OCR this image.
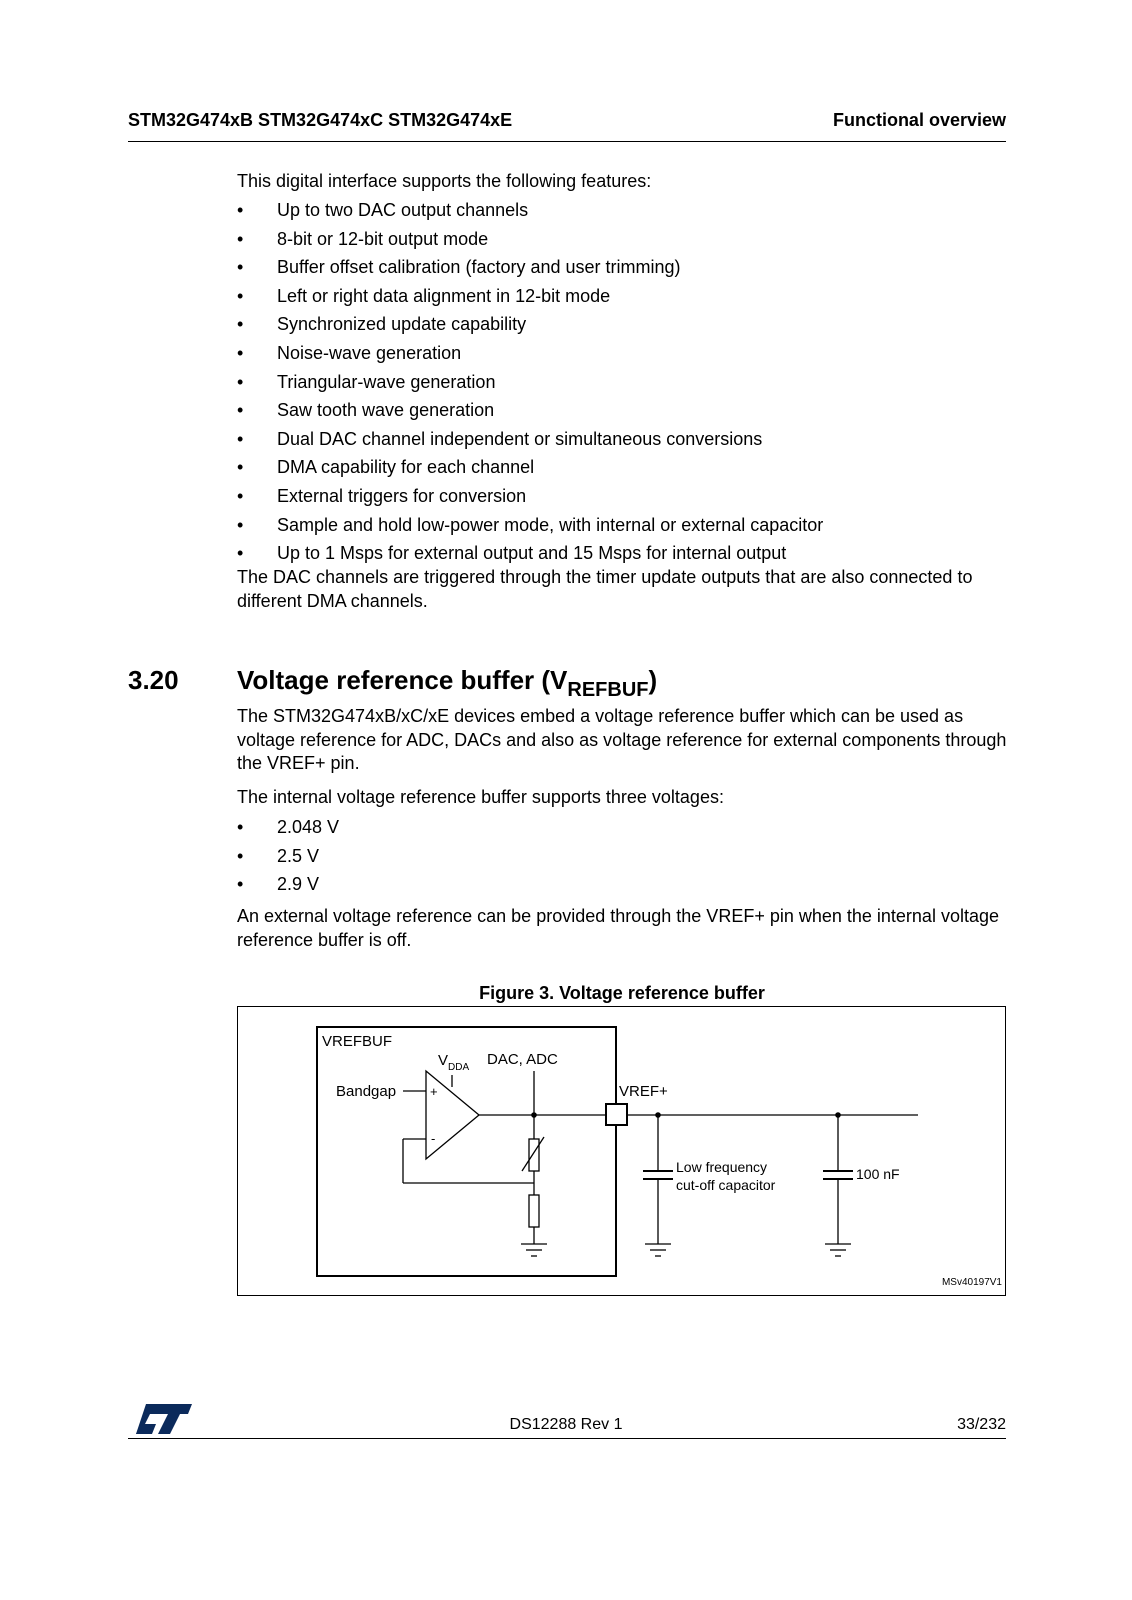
STM32G474xB STM32G474xC STM32G474xE	Functional overview

This digital interface supports the following features:

• Up to two DAC output channels
• 8-bit or 12-bit output mode
• Buffer offset calibration (factory and user trimming)
• Left or right data alignment in 12-bit mode
• Synchronized update capability
• Noise-wave generation
• Triangular-wave generation
• Saw tooth wave generation
• Dual DAC channel independent or simultaneous conversions
• DMA capability for each channel
• External triggers for conversion
• Sample and hold low-power mode, with internal or external capacitor
• Up to 1 Msps for external output and 15 Msps for internal output

The DAC channels are triggered through the timer update outputs that are also connected to different DMA channels.

3.20 Voltage reference buffer $(V_{REFBUF})$

The STM32G474xB/xC/xE devices embed a voltage reference buffer which can be used as voltage reference for ADC, DACs and also as voltage reference for external components through the VREF+ pin.

The internal voltage reference buffer supports three voltages:

• 2.048 V
• 2.5 V
• 2.9 V

An external voltage reference can be provided through the VREF+ pin when the internal voltage reference buffer is off.

Figure 3. Voltage reference buffer
VREFBUF
$V_{DDA}$ DAC, ADC
Bandgap	+
-
VREF+
Low frequency
cut-off capacitor
100 nF
MSv40197V1
DS12288 Rev 1	33/232
